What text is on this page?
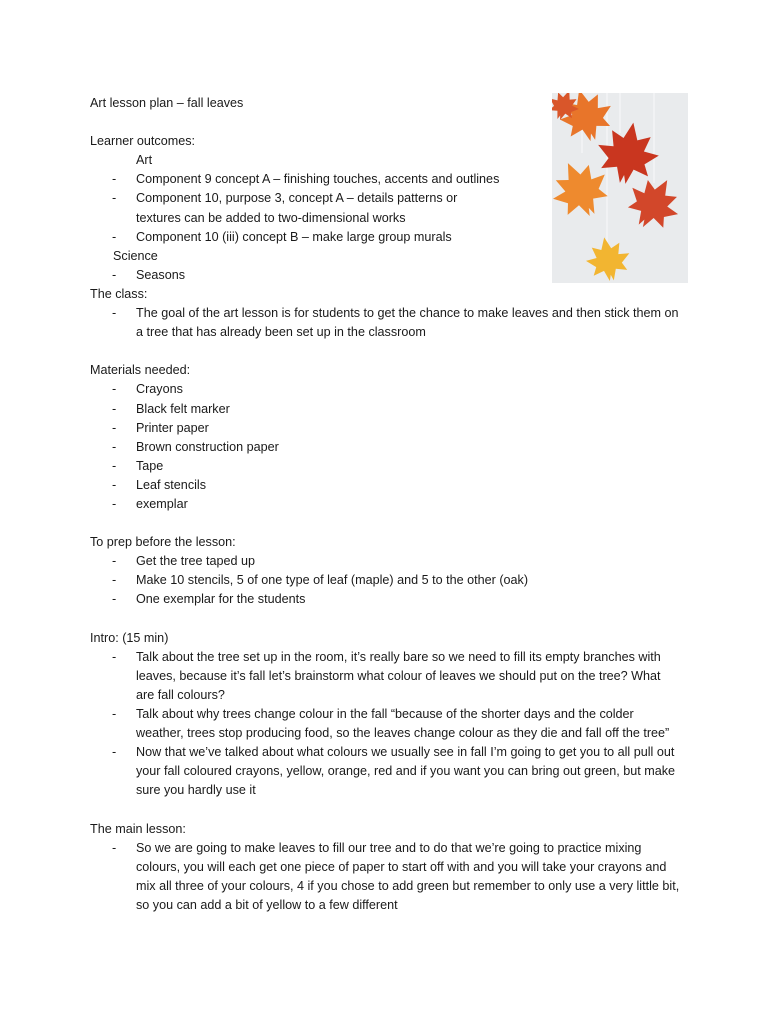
Art lesson plan – fall leaves
Learner outcomes:
Art
-	Component 9 concept A – finishing touches, accents and outlines
-	Component 10, purpose 3, concept A – details patterns or textures can be added to two-dimensional works
-	Component 10 (iii) concept B – make large group murals
Science
-	Seasons
The class:
-	The goal of the art lesson is for students to get the chance to make leaves and then stick them on a tree that has already been set up in the classroom
Materials needed:
-	Crayons
-	Black felt marker
-	Printer paper
-	Brown construction paper
-	Tape
-	Leaf stencils
-	exemplar
To prep before the lesson:
-	Get the tree taped up
-	Make 10 stencils, 5 of one type of leaf (maple) and 5 to the other (oak)
-	One exemplar for the students
Intro: (15 min)
-	Talk about the tree set up in the room, it’s really bare so we need to fill its empty branches with leaves, because it’s fall let’s brainstorm what colour of leaves we should put on the tree? What are fall colours?
-	Talk about why trees change colour in the fall “because of the shorter days and the colder weather, trees stop producing food, so the leaves change colour as they die and fall off the tree”
-	Now that we’ve talked about what colours we usually see in fall I’m going to get you to all pull out your fall coloured crayons, yellow, orange, red and if you want you can bring out green, but make sure you hardly use it
The main lesson:
-	So we are going to make leaves to fill our tree and to do that we’re going to practice mixing colours, you will each get one piece of paper to start off with and you will take your crayons and mix all three of your colours, 4 if you chose to add green but remember to only use a very little bit, so you can add a bit of yellow to a few different
